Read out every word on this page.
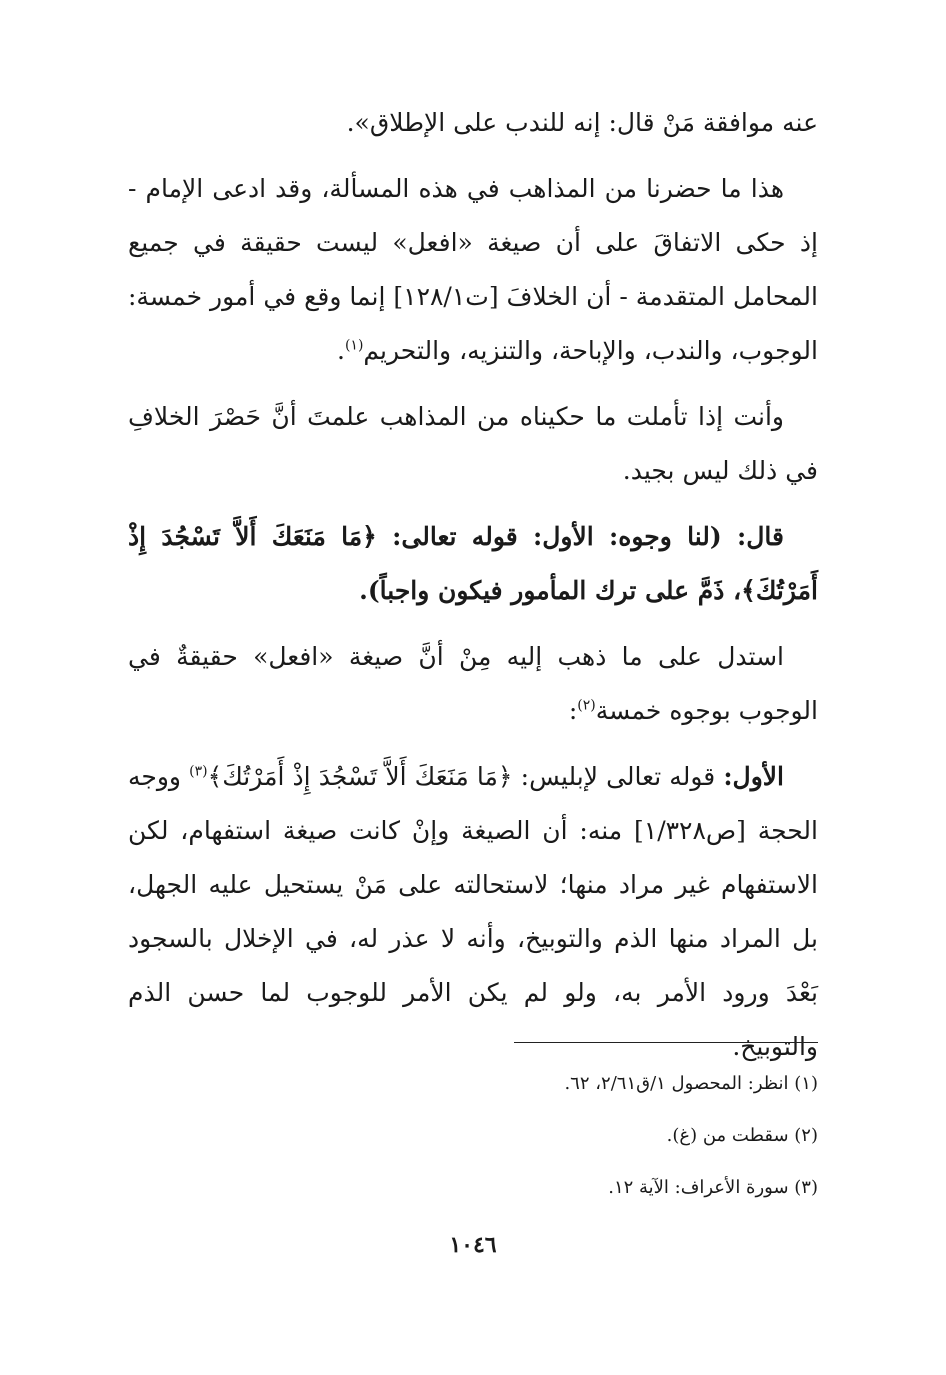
عنه موافقة مَنْ قال: إنه للندب على الإطلاق».

هذا ما حضرنا من المذاهب في هذه المسألة، وقد ادعى الإمام - إذ حكى الاتفاقَ على أن صيغة «افعل» ليست حقيقة في جميع المحامل المتقدمة - أن الخلافَ [ت١٢٨/١] إنما وقع في أمور خمسة: الوجوب، والندب، والإباحة، والتنزيه، والتحريم$^{(١)}$.

وأنت إذا تأملت ما حكيناه من المذاهب علمتَ أنَّ حَصْرَ الخلافِ في ذلك ليس بجيد.

قال: (لنا وجوه: الأول: قوله تعالى: ﴿مَا مَنَعَكَ أَلاَّ تَسْجُدَ إِذْ أَمَرْتُكَ﴾، ذَمَّ على ترك المأمور فيكون واجباً).

استدل على ما ذهب إليه مِنْ أنَّ صيغة «افعل» حقيقةٌ في الوجوب بوجوه خمسة$^{(٢)}$:

الأول: قوله تعالى لإبليس: ﴿مَا مَنَعَكَ أَلاَّ تَسْجُدَ إِذْ أَمَرْتُكَ﴾$^{(٣)}$ ووجه الحجة [ص١/٣٢٨] منه: أن الصيغة وإنْ كانت صيغة استفهام، لكن الاستفهام غير مراد منها؛ لاستحالته على مَنْ يستحيل عليه الجهل، بل المراد منها الذم والتوبيخ، وأنه لا عذر له، في الإخلال بالسجود بَعْدَ ورود الأمر به، ولو لم يكن الأمر للوجوب لما حسن الذم والتوبيخ.

(١) انظر: المحصول ١/ق٢/٦١، ٦٢.
(٢) سقطت من (غ).
(٣) سورة الأعراف: الآية ١٢.
١٠٤٦
